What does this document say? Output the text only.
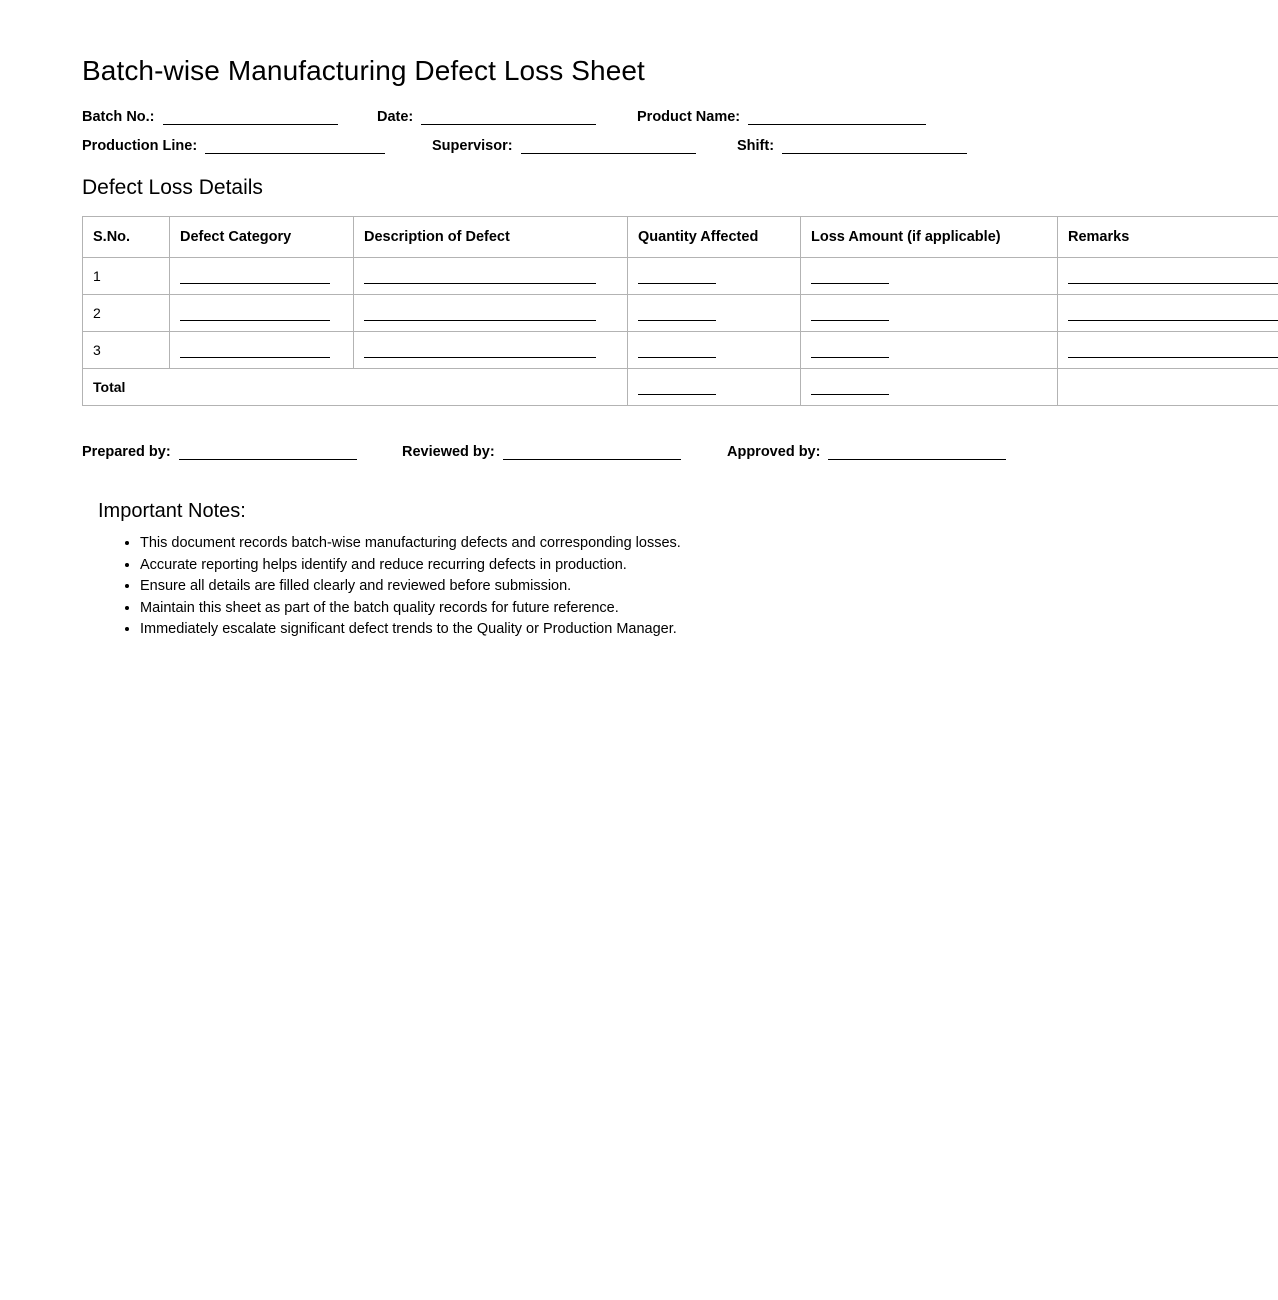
Batch-wise Manufacturing Defect Loss Sheet
Batch No.:	Date:	Product Name:
Production Line:	Supervisor:	Shift:
Defect Loss Details
S.No.	Defect Category	Description of Defect	Quantity Affected	Loss Amount (if applicable)	Remarks
1	

2	

3	

Total			

Prepared by:	Reviewed by:	Approved by:
Important Notes:
• This document records batch-wise manufacturing defects and corresponding losses.
• Accurate reporting helps identify and reduce recurring defects in production.
• Ensure all details are filled clearly and reviewed before submission.
• Maintain this sheet as part of the batch quality records for future reference.
• Immediately escalate significant defect trends to the Quality or Production Manager.
